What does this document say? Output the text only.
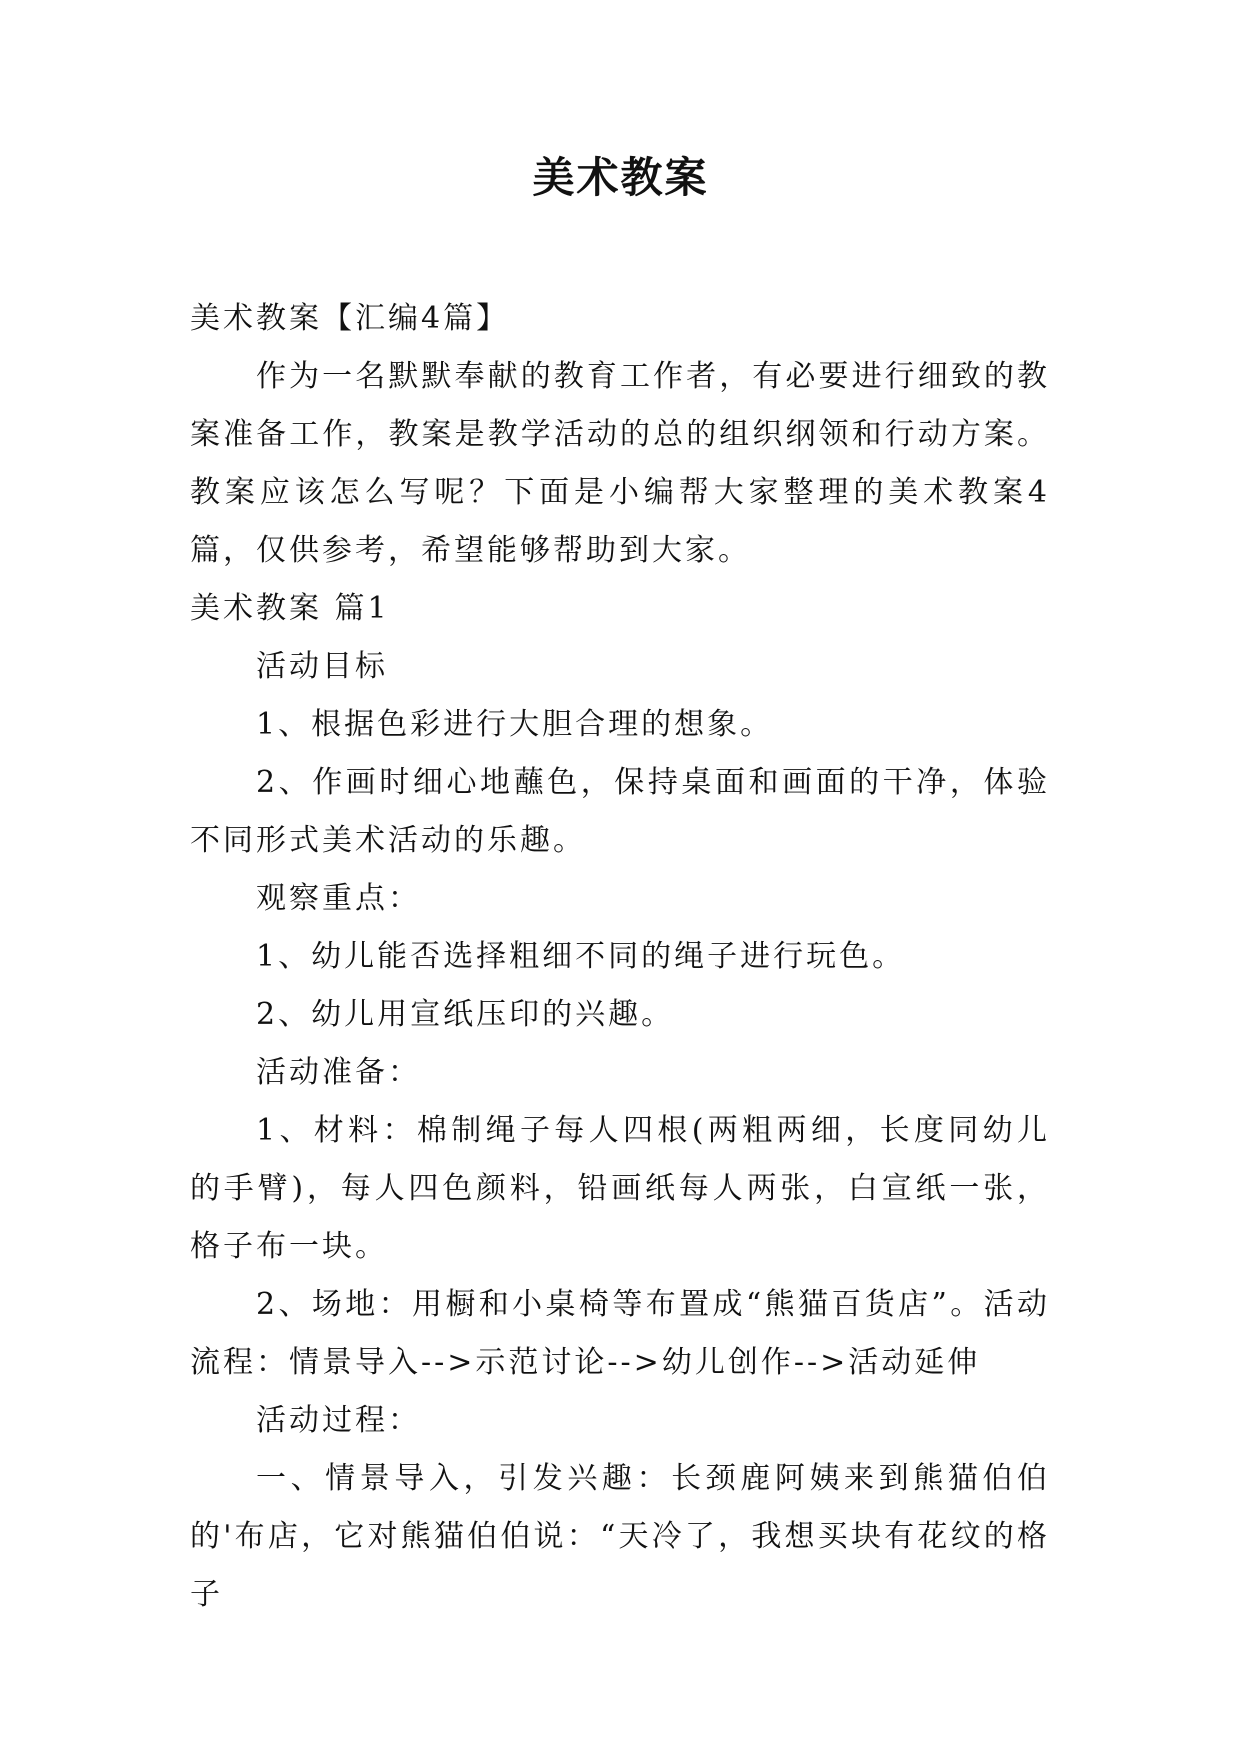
美术教案

美术教案【汇编4篇】

作为一名默默奉献的教育工作者，有必要进行细致的教案准备工作，教案是教学活动的总的组织纲领和行动方案。教案应该怎么写呢？下面是小编帮大家整理的美术教案4篇，仅供参考，希望能够帮助到大家。

美术教案 篇1

活动目标

1、根据色彩进行大胆合理的想象。

2、作画时细心地蘸色，保持桌面和画面的干净，体验不同形式美术活动的乐趣。

观察重点：

1、幼儿能否选择粗细不同的绳子进行玩色。

2、幼儿用宣纸压印的兴趣。

活动准备：

1、材料：棉制绳子每人四根(两粗两细，长度同幼儿的手臂)，每人四色颜料，铅画纸每人两张，白宣纸一张，格子布一块。

2、场地：用橱和小桌椅等布置成“熊猫百货店”。活动流程：情景导入-->示范讨论-->幼儿创作-->活动延伸

活动过程：

一、情景导入，引发兴趣：长颈鹿阿姨来到熊猫伯伯的'布店，它对熊猫伯伯说：“天冷了，我想买块有花纹的格子
